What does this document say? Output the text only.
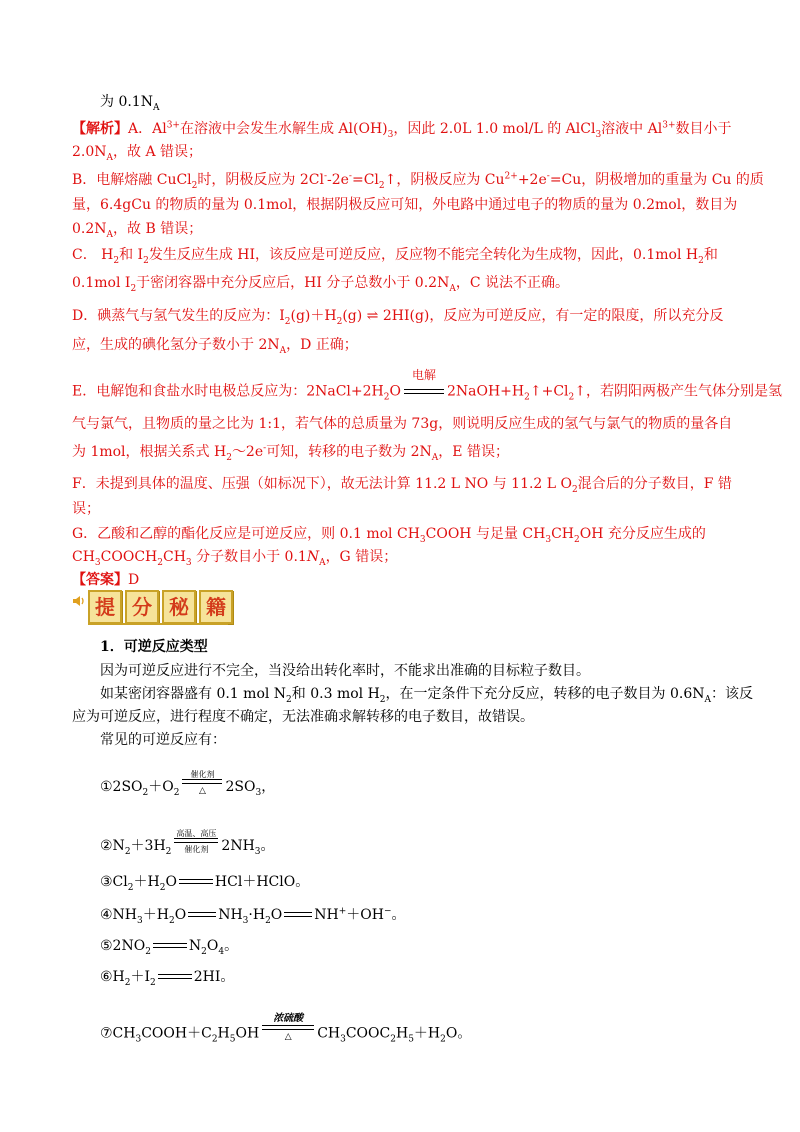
为 $0.1N_A$
【解析】A．$Al^{3+}$在溶液中会发生水解生成 $Al(OH)_3$，因此 2.0L 1.0 mol/L 的 AlCl$_3$溶液中 $Al^{3+}$数目小于
$2.0N_A$，故 A 错误；
B．电解熔融 CuCl$_2$时，阴极反应为 $2Cl^--2e^-=Cl_2↑$，阴极反应为 $Cu^{2+}+2e^-=Cu$，阴极增加的重量为 Cu 的质
量，6.4gCu 的物质的量为 0.1mol，根据阴极反应可知，外电路中通过电子的物质的量为 0.2mol，数目为
$0.2N_A$，故 B 错误；
C． $H_2$和 $I_2$发生反应生成 HI，该反应是可逆反应，反应物不能完全转化为生成物，因此，0.1mol $H_2$和
0.1mol $I_2$于密闭容器中充分反应后，HI 分子总数小于 $0.2N_A$，C 说法不正确。
D．碘蒸气与氢气发生的反应为：$I_2(g)+H_2(g)$ ⇌ 2HI(g)，反应为可逆反应，有一定的限度，所以充分反
应，生成的碘化氢分子数小于 $2N_A$，D 正确；
E．电解饱和食盐水时电极总反应为：$2NaCl+2H_2O$
电解
$2NaOH+H_2↑+Cl_2↑$，若阴阳两极产生气体分别是氢
气与氯气，且物质的量之比为 1:1，若气体的总质量为 73g，则说明反应生成的氢气与氯气的物质的量各自
为 1mol，根据关系式 $H_2\sim 2e^-$可知，转移的电子数为 $2N_A$，E 错误；
F．未提到具体的温度、压强（如标况下），故无法计算 11.2 L NO 与 11.2 L $O_2$混合后的分子数目，F 错
误；
G．乙酸和乙醇的酯化反应是可逆反应，则 0.1 mol $CH_3COOH$ 与足量 $CH_3CH_2OH$ 充分反应生成的
$CH_3COOCH_2CH_3$ 分子数目小于 $0.1N_A$，G 错误；
【答案】D
提 分 秘 籍
1．可逆反应类型
因为可逆反应进行不完全，当没给出转化率时，不能求出准确的目标粒子数目。
如某密闭容器盛有 0.1 mol $N_2$和 0.3 mol $H_2$，在一定条件下充分反应，转移的电子数目为 $0.6N_A$：该反
应为可逆反应，进行程度不确定，无法准确求解转移的电子数目，故错误。
常见的可逆反应有：
$①2SO_2+O_2$
催化剂
△	$2SO_3$，
$②N_2+3H_2$
高温、高压
催化剂 $2NH_3$。
$③Cl_2+H_2O$	HCl＋HClO。
$④NH_3+H_2O$ $NH_3\cdot H_2O$ NH+＋OH−。
$⑤2NO_2$	$N_2O_4$。
$⑥H_2+I_2$	2HI。
$⑦CH_3COOH+C_2H_5OH$
浓硫酸
△	$CH_3COOC_2H_5+H_2O$。
